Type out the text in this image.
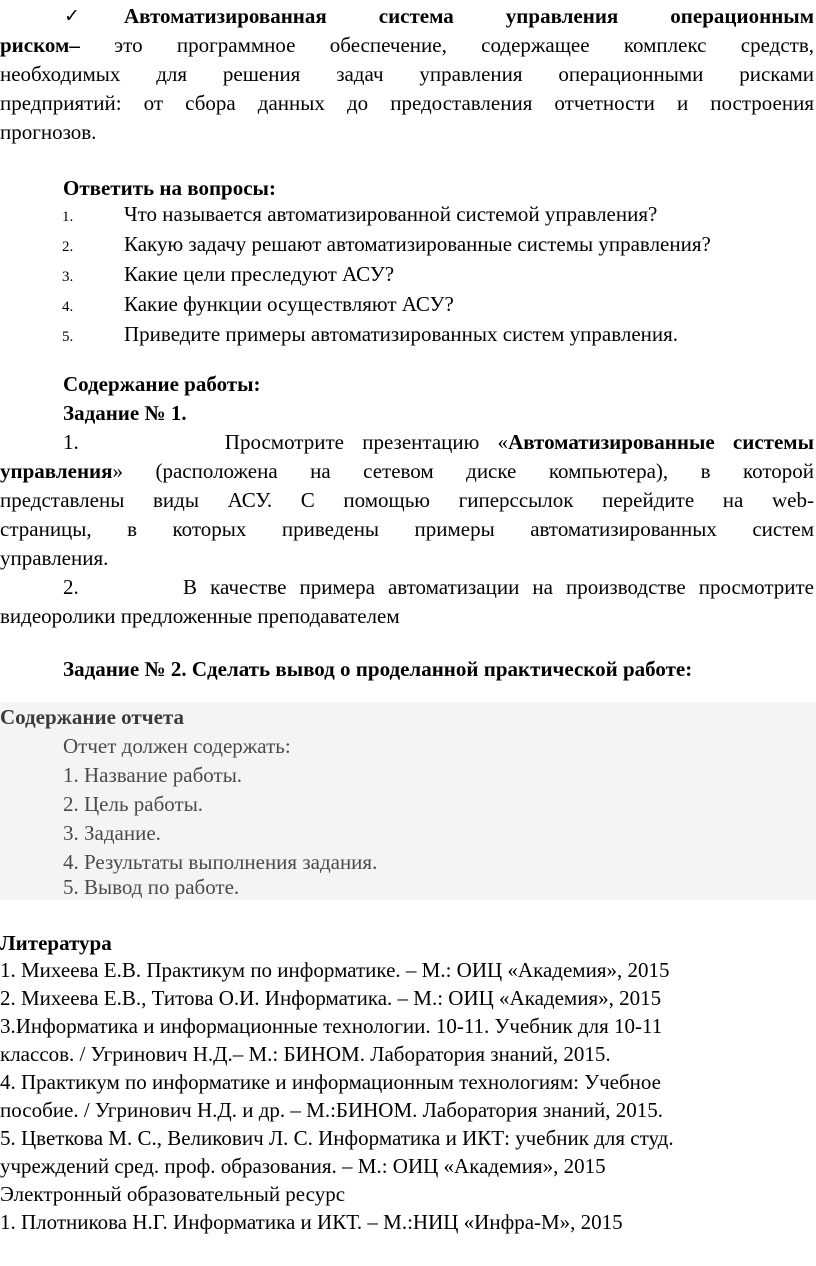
✓ Автоматизированная система управления операционным
риском– это программное обеспечение, содержащее комплекс средств,
необходимых для решения задач управления операционными рисками
предприятий: от сбора данных до предоставления отчетности и построения
прогнозов.
Ответить на вопросы:
1. Что называется автоматизированной системой управления?
2. Какую задачу решают автоматизированные системы управления?
3. Какие цели преследуют АСУ?
4. Какие функции осуществляют АСУ?
5. Приведите примеры автоматизированных систем управления.
Содержание работы:
Задание № 1.
1.        Просмотрите презентацию «Автоматизированные системы
управления» (расположена на сетевом диске компьютера), в которой
представлены виды АСУ. С помощью гиперссылок перейдите на web-
страницы, в которых приведены примеры автоматизированных систем
управления.
2.        В качестве примера автоматизации на производстве просмотрите
видеоролики предложенные преподавателем
Задание № 2. Сделать вывод о проделанной практической работе:
Содержание отчета
Отчет должен содержать:
1. Название работы.
2. Цель работы.
3. Задание.
4. Результаты выполнения задания.
5. Вывод по работе.
Литература
1. Михеева Е.В. Практикум по информатике. – М.: ОИЦ «Академия», 2015
2. Михеева Е.В., Титова О.И. Информатика. – М.: ОИЦ «Академия», 2015
3.Информатика и информационные технологии. 10-11. Учебник для 10-11
классов. / Угринович Н.Д.– М.: БИНОМ. Лаборатория знаний, 2015.
4. Практикум по информатике и информационным технологиям: Учебное
пособие. / Угринович Н.Д. и др. – М.:БИНОМ. Лаборатория знаний, 2015.
5. Цветкова М. С., Великович Л. С. Информатика и ИКТ: учебник для студ.
учреждений сред. проф. образования. – М.: ОИЦ «Академия», 2015
Электронный образовательный ресурс
1. Плотникова Н.Г. Информатика и ИКТ. – М.:НИЦ «Инфра-М», 2015
